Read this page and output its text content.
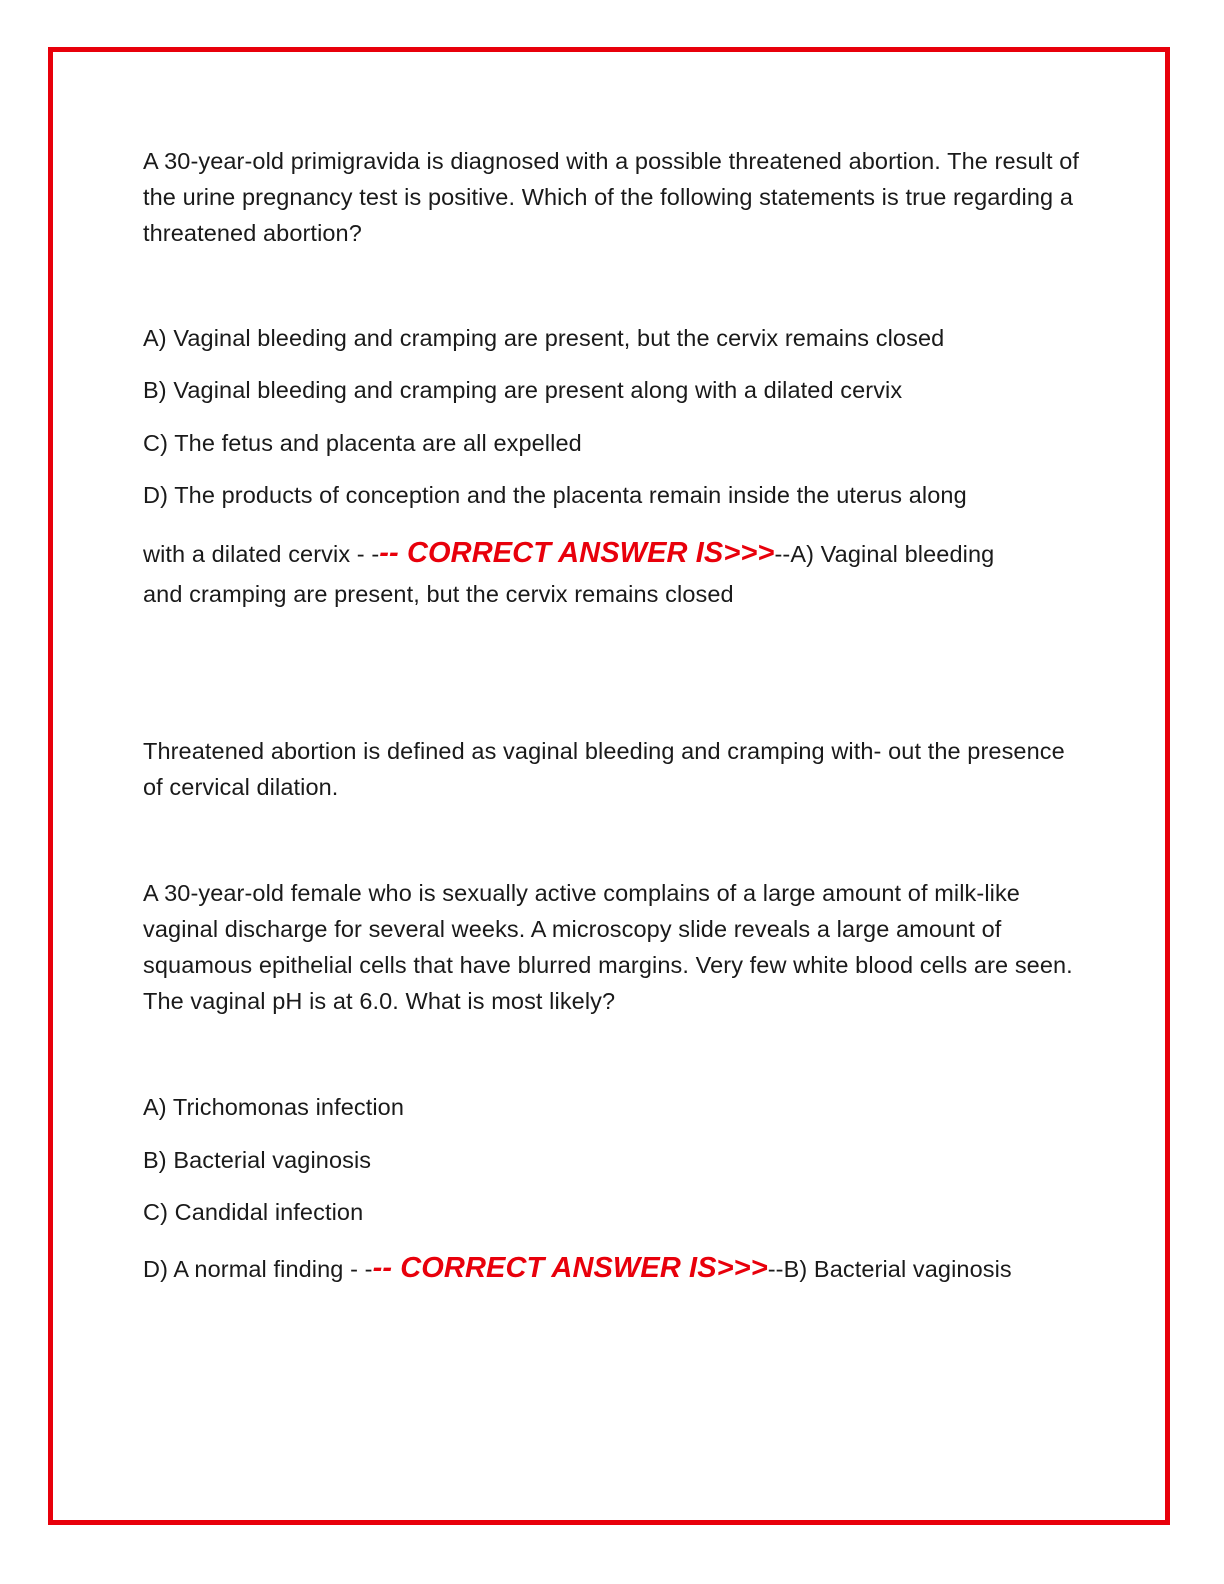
A 30-year-old primigravida is diagnosed with a possible threatened abortion. The result of the urine pregnancy test is positive. Which of the following statements is true regarding a threatened abortion?

A) Vaginal bleeding and cramping are present, but the cervix remains closed

B) Vaginal bleeding and cramping are present along with a dilated cervix

C) The fetus and placenta are all expelled

D) The products of conception and the placenta remain inside the uterus along

with a dilated cervix - --- CORRECT ANSWER IS>>>--A) Vaginal bleeding

and cramping are present, but the cervix remains closed

Threatened abortion is defined as vaginal bleeding and cramping with- out the presence of cervical dilation.

A 30-year-old female who is sexually active complains of a large amount of milk-like vaginal discharge for several weeks. A microscopy slide reveals a large amount of squamous epithelial cells that have blurred margins. Very few white blood cells are seen. The vaginal pH is at 6.0. What is most likely?

A) Trichomonas infection

B) Bacterial vaginosis

C) Candidal infection

D) A normal finding - --- CORRECT ANSWER IS>>>--B) Bacterial vaginosis
